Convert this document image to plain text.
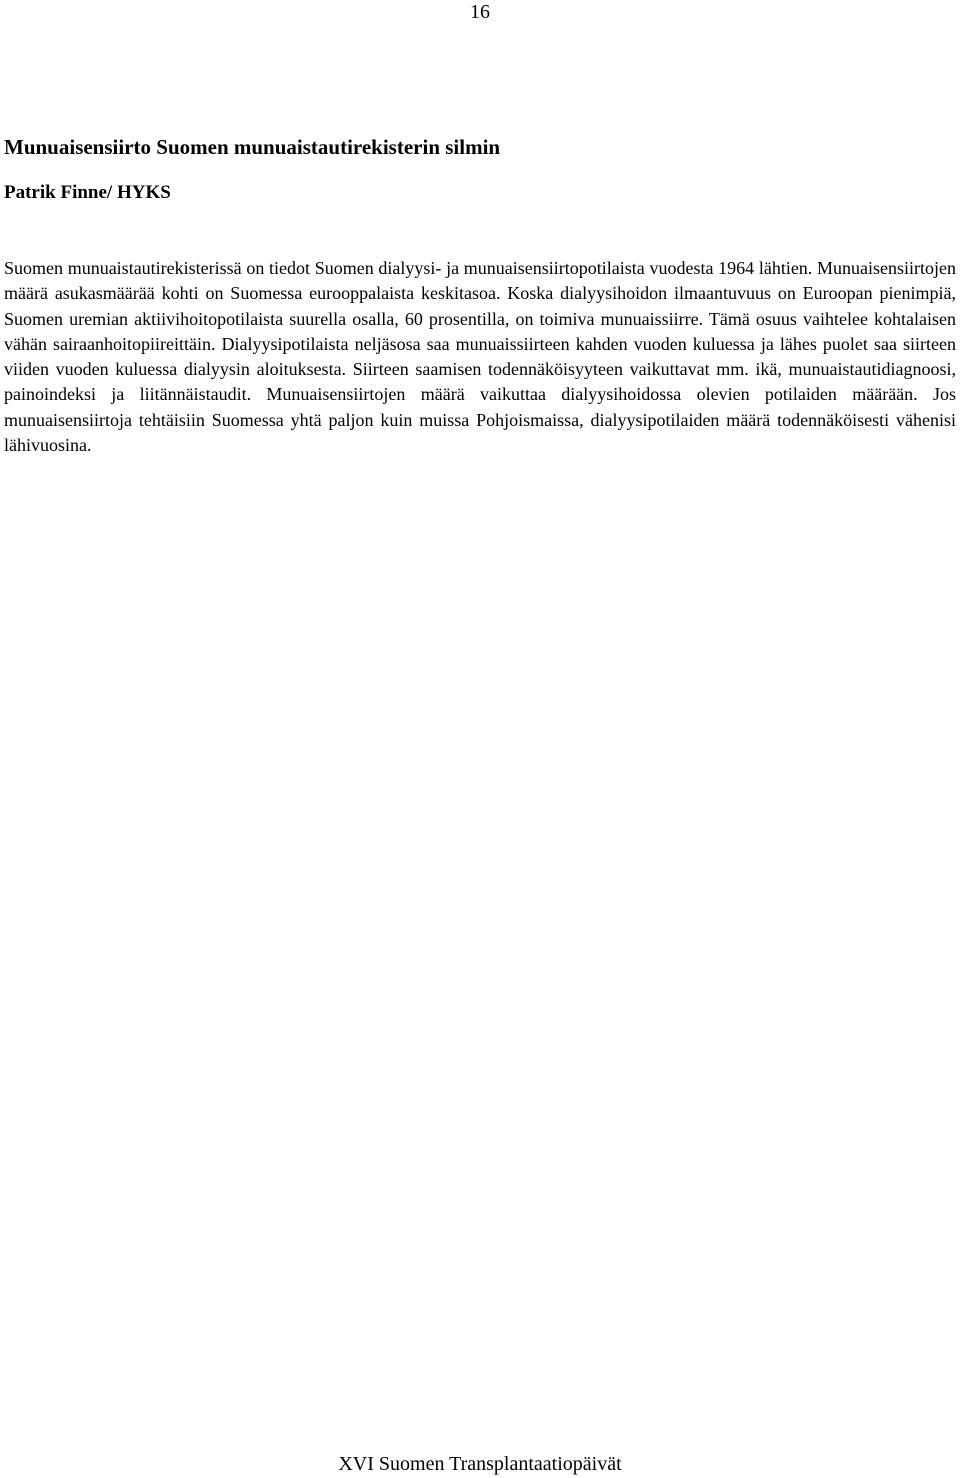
16
Munuaisensiirto Suomen munuaistautirekisterin silmin

Patrik Finne/ HYKS

Suomen munuaistautirekisterissä on tiedot Suomen dialyysi- ja munuaisensiirtopotilaista vuodesta 1964 lähtien. Munuaisensiirtojen määrä asukasmäärää kohti on Suomessa eurooppalaista keskitasoa. Koska dialyysihoidon ilmaantuvuus on Euroopan pienimpiä, Suomen uremian aktiivihoitopotilaista suurella osalla, 60 prosentilla, on toimiva munuaissiirre. Tämä osuus vaihtelee kohtalaisen vähän sairaanhoitopiireittäin. Dialyysipotilaista neljäsosa saa munuaissiirteen kahden vuoden kuluessa ja lähes puolet saa siirteen viiden vuoden kuluessa dialyysin aloituksesta. Siirteen saamisen todennäköisyyteen vaikuttavat mm. ikä, munuaistautidiagnoosi, painoindeksi ja liitännäistaudit. Munuaisensiirtojen määrä vaikuttaa dialyysihoidossa olevien potilaiden määrään. Jos munuaisensiirtoja tehtäisiin Suomessa yhtä paljon kuin muissa Pohjoismaissa, dialyysipotilaiden määrä todennäköisesti vähenisi lähivuosina.

XVI Suomen Transplantaatiopäivät
